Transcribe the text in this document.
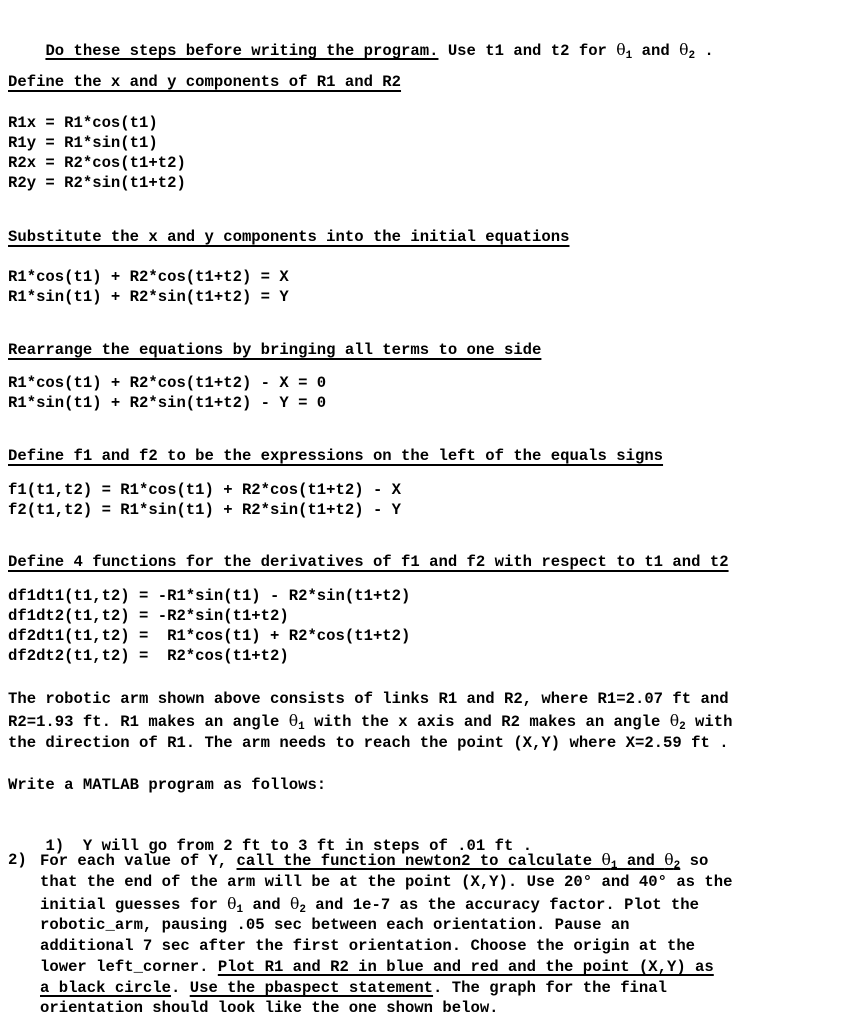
Do these steps before writing the program. Use t1 and t2 for $\theta_1$ and $\theta_2$ .

Define the x and y components of R1 and R2
R1x = R1*cos(t1)
R1y = R1*sin(t1)
R2x = R2*cos(t1+t2)
R2y = R2*sin(t1+t2)
Substitute the x and y components into the initial equations
R1*cos(t1) + R2*cos(t1+t2) = X
R1*sin(t1) + R2*sin(t1+t2) = Y
Rearrange the equations by bringing all terms to one side
R1*cos(t1) + R2*cos(t1+t2) - X = 0
R1*sin(t1) + R2*sin(t1+t2) - Y = 0
Define f1 and f2 to be the expressions on the left of the equals signs
f1(t1,t2) = R1*cos(t1) + R2*cos(t1+t2) - X
f2(t1,t2) = R1*sin(t1) + R2*sin(t1+t2) - Y
Define 4 functions for the derivatives of f1 and f2 with respect to t1 and t2
df1dt1(t1,t2) = -R1*sin(t1) - R2*sin(t1+t2)
df1dt2(t1,t2) = -R2*sin(t1+t2)
df2dt1(t1,t2) =  R1*cos(t1) + R2*cos(t1+t2)
df2dt2(t1,t2) =  R2*cos(t1+t2)
The robotic arm shown above consists of links R1 and R2, where R1=2.07 ft and
R2=1.93 ft. R1 makes an angle $\theta_1$ with the x axis and R2 makes an angle $\theta_2$ with
the direction of R1. The arm needs to reach the point (X,Y) where X=2.59 ft .
Write a MATLAB program as follows:

1) Y will go from 2 ft to 3 ft in steps of .01 ft .

2) For each value of Y, call the function newton2 to calculate $\theta_1$ and $\theta_2$ so
that the end of the arm will be at the point (X,Y). Use 20° and 40° as the
initial guesses for $\theta_1$ and $\theta_2$ and 1e-7 as the accuracy factor. Plot the
robotic_arm, pausing .05 sec between each orientation. Pause an
additional 7 sec after the first orientation. Choose the origin at the
lower left_corner. Plot R1 and R2 in blue and red and the point (X,Y) as
a black circle. Use the pbaspect statement. The graph for the final
orientation should look like the one shown below.
